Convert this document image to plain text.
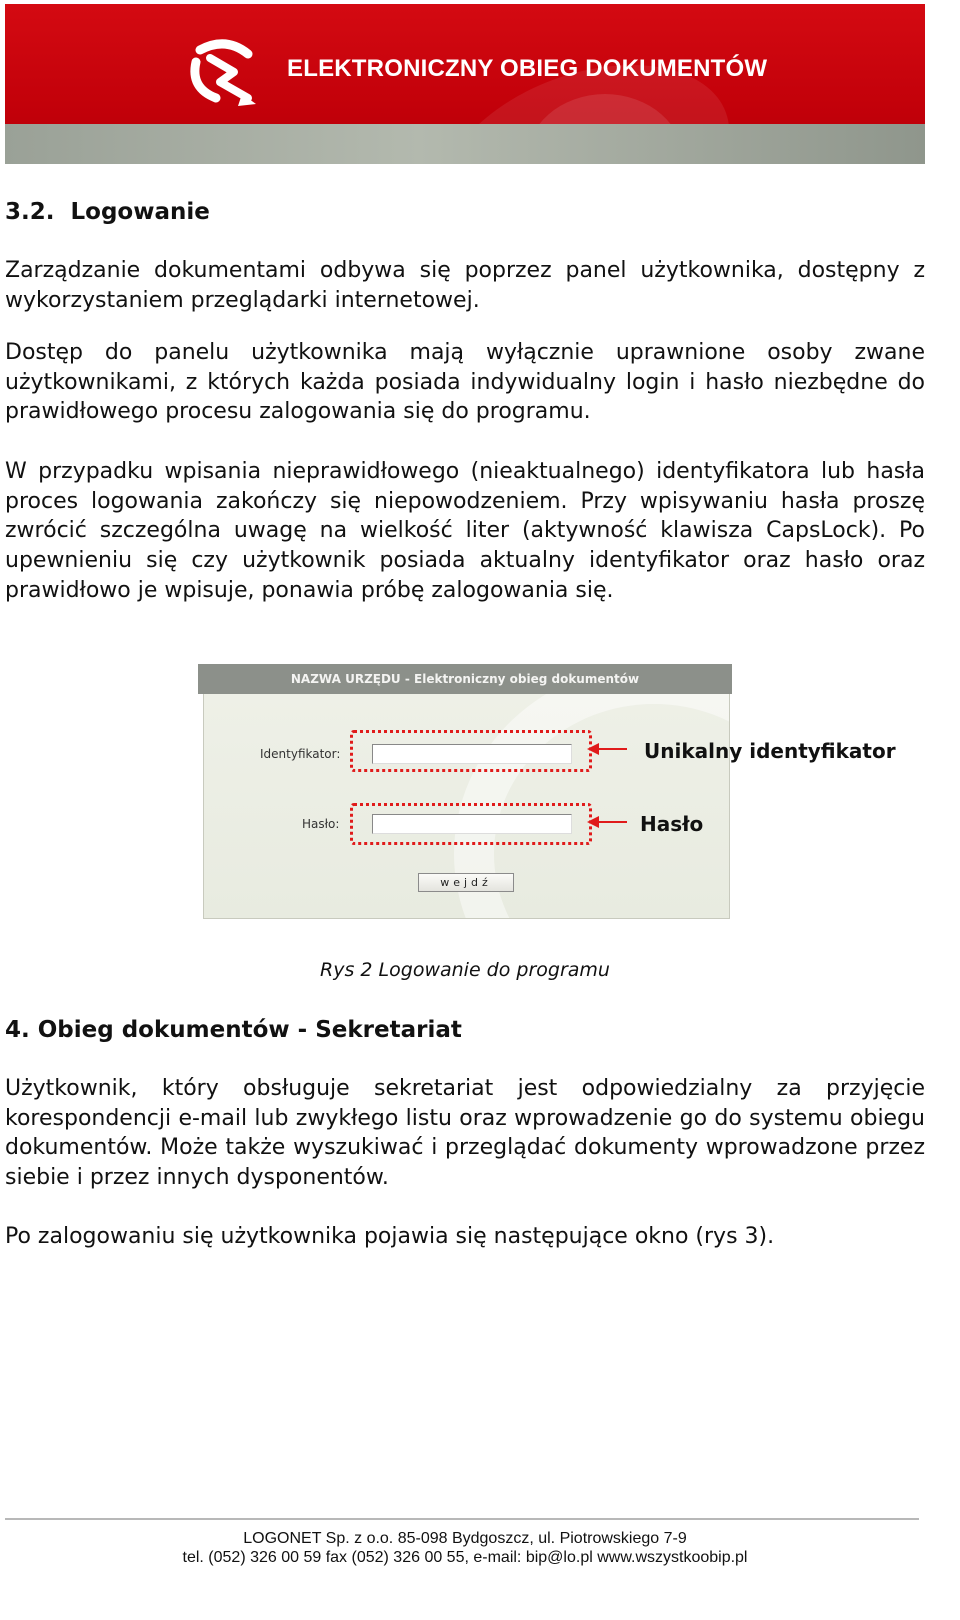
ELEKTRONICZNY OBIEG DOKUMENTÓW
3.2. Logowanie
Zarządzanie dokumentami odbywa się poprzez panel użytkownika, dostępny z wykorzystaniem przeglądarki internetowej.
Dostęp do panelu użytkownika mają wyłącznie uprawnione osoby zwane użytkownikami, z których każda posiada indywidualny login i hasło niezbędne do prawidłowego procesu zalogowania się do programu.
W przypadku wpisania nieprawidłowego (nieaktualnego) identyfikatora lub hasła proces logowania zakończy się niepowodzeniem. Przy wpisywaniu hasła proszę zwrócić szczególna uwagę na wielkość liter (aktywność klawisza CapsLock). Po upewnieniu się czy użytkownik posiada aktualny identyfikator oraz hasło oraz prawidłowo je wpisuje, ponawia próbę zalogowania się.
NAZWA URZĘDU - Elektroniczny obieg dokumentów
Identyfikator:
Hasło:
wejdź
Unikalny identyfikator
Hasło
Rys 2 Logowanie do programu
4. Obieg dokumentów - Sekretariat
Użytkownik, który obsługuje sekretariat jest odpowiedzialny za przyjęcie korespondencji e-mail lub zwykłego listu oraz wprowadzenie go do systemu obiegu dokumentów. Może także wyszukiwać i przeglądać dokumenty wprowadzone przez siebie i przez innych dysponentów.
Po zalogowaniu się użytkownika pojawia się następujące okno (rys 3).
LOGONET Sp. z o.o. 85-098 Bydgoszcz, ul. Piotrowskiego 7-9
tel. (052) 326 00 59 fax (052) 326 00 55, e-mail: bip@lo.pl www.wszystkoobip.pl
